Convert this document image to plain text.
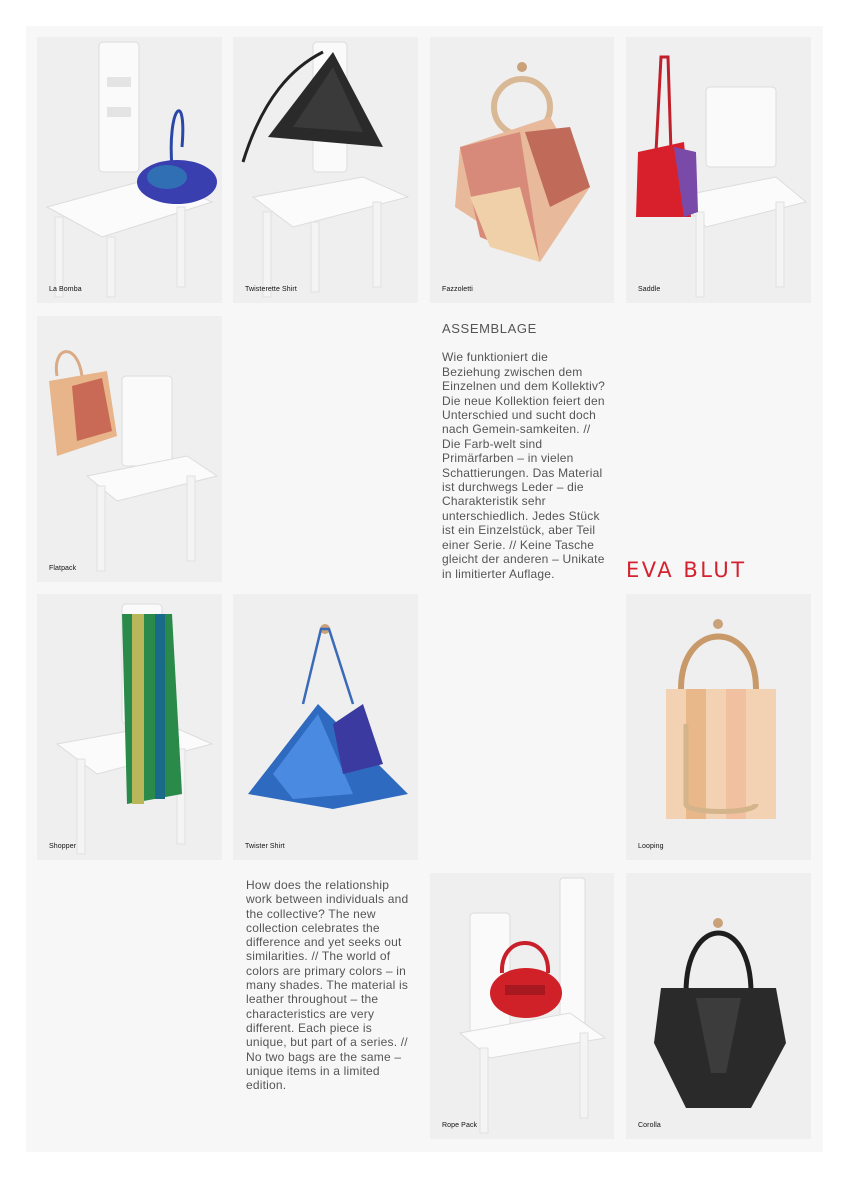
La Bomba	Twisterette Shirt	Fazzoletti	Saddle
Flatpack
ASSEMBLAGE
Wie funktioniert die Beziehung zwischen dem Einzelnen und dem Kollektiv? Die neue Kollektion feiert den Unterschied und sucht doch nach Gemein-samkeiten. // Die Farb-welt sind Primärfarben – in vielen Schattierungen. Das Material ist durchwegs Leder – die Charakteristik sehr unterschiedlich. Jedes Stück ist ein Einzelstück, aber Teil einer Serie. // Keine Tasche gleicht der anderen – Unikate in limitierter Auflage.	EVA BLUT
Shopper	Twister Shirt	Looping
How does the relationship work between individuals and the collective? The new collection celebrates the difference and yet seeks out similarities. // The world of colors are primary colors – in many shades. The material is leather throughout – the characteristics are very different. Each piece is unique, but part of a series. // No two bags are the same – unique items in a limited edition.
Rope Pack	Corolla
